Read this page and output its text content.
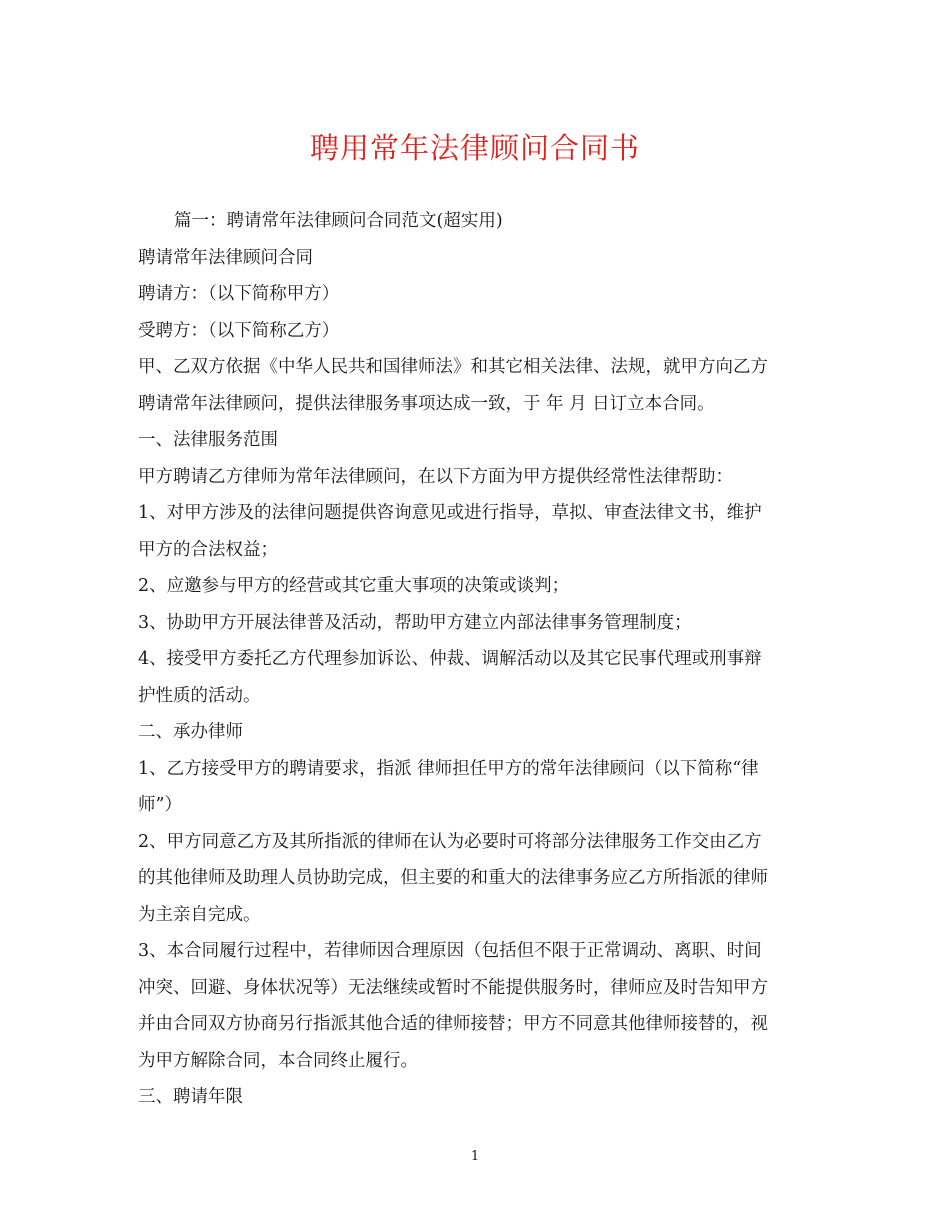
聘用常年法律顾问合同书
篇一：聘请常年法律顾问合同范文(超实用)
聘请常年法律顾问合同
聘请方：（以下简称甲方）
受聘方：（以下简称乙方）
甲、乙双方依据《中华人民共和国律师法》和其它相关法律、法规，就甲方向乙方
聘请常年法律顾问，提供法律服务事项达成一致，于 年 月 日订立本合同。
一、法律服务范围
甲方聘请乙方律师为常年法律顾问，在以下方面为甲方提供经常性法律帮助：
1、对甲方涉及的法律问题提供咨询意见或进行指导，草拟、审查法律文书，维护
甲方的合法权益；
2、应邀参与甲方的经营或其它重大事项的决策或谈判；
3、协助甲方开展法律普及活动，帮助甲方建立内部法律事务管理制度；
4、接受甲方委托乙方代理参加诉讼、仲裁、调解活动以及其它民事代理或刑事辩
护性质的活动。
二、承办律师
1、乙方接受甲方的聘请要求，指派 律师担任甲方的常年法律顾问（以下简称“律
师”）
2、甲方同意乙方及其所指派的律师在认为必要时可将部分法律服务工作交由乙方
的其他律师及助理人员协助完成，但主要的和重大的法律事务应乙方所指派的律师
为主亲自完成。
3、本合同履行过程中，若律师因合理原因（包括但不限于正常调动、离职、时间
冲突、回避、身体状况等）无法继续或暂时不能提供服务时，律师应及时告知甲方
并由合同双方协商另行指派其他合适的律师接替；甲方不同意其他律师接替的，视
为甲方解除合同，本合同终止履行。
三、聘请年限
1
